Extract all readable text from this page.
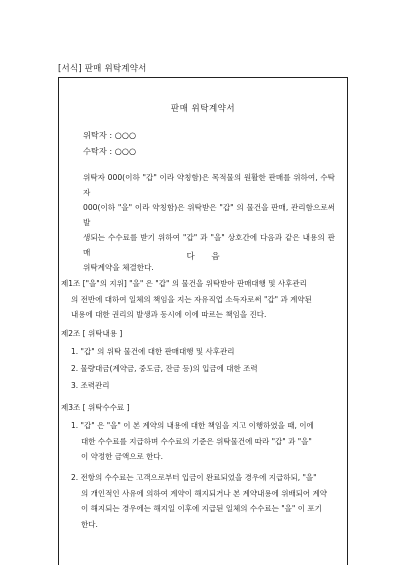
[서식] 판매 위탁계약서
판매 위탁계약서
위탁자 : ○○○
수탁자 : ○○○
위탁자 000(이하 "갑" 이라 약칭함)은 목적물의 원활한 판매를 위하여, 수탁자
000(이하 "을" 이라 약칭함)은 위탁받은 "갑" 의 물건을 판매, 관리함으로써 발
생되는 수수료를 받기 위하여 "갑" 과 "을" 상호간에 다음과 같은 내용의 판매
위탁계약을 체결한다.
다 음
제1조 ["을"의 지위] "을" 은 "갑" 의 물건을 위탁받아 판매대행 및 사후관리
의 전반에 대하여 일체의 책임을 지는 자유직업 소득자로써 "갑" 과 계약된
내용에 대한 권리의 발생과 동시에 이에 따르는 책임을 진다.
제2조 [ 위탁내용 ]
1. "갑" 의 위탁 물건에 대한 판매대행 및 사후관리
2. 물량대금(계약금, 중도금, 잔금 등)의 입금에 대한 조력
3. 조력관리
제3조 [ 위탁수수료 ]
1. "갑" 은 "을" 이 본 계약의 내용에 대한 책임을 지고 이행하였을 때, 이에
대한 수수료를 지급하며 수수료의 기준은 위탁물건에 따라 "갑" 과 "을"
이 약정한 금액으로 한다.
2. 전항의 수수료는 고객으로부터 입금이 완료되었을 경우에 지급하되, "을"
의 개인적인 사유에 의하여 계약이 해지되거나 본 계약내용에 위배되어 계약
이 해지되는 경우에는 해지일 이후에 지급된 일체의 수수료는 "을" 이 포기
한다.
